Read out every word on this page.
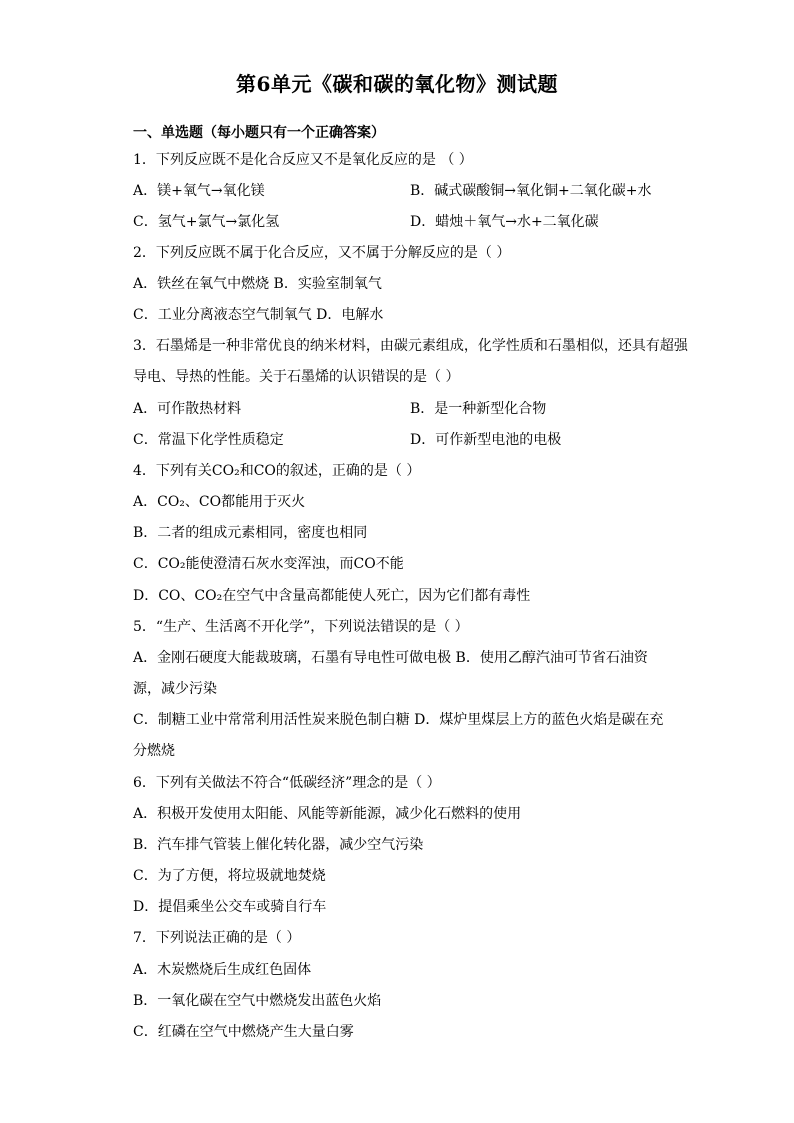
第6单元《碳和碳的氧化物》测试题
一、单选题（每小题只有一个正确答案）
1．下列反应既不是化合反应又不是氧化反应的是 （ ）
A．镁+氧气→氧化镁	B．碱式碳酸铜→氧化铜+二氧化碳+水
C．氢气+氯气→氯化氢	D．蜡烛＋氧气→水+二氧化碳
2．下列反应既不属于化合反应，又不属于分解反应的是（ ）
A．铁丝在氧气中燃烧 B．实验室制氧气
C．工业分离液态空气制氧气 D．电解水
3．石墨烯是一种非常优良的纳米材料，由碳元素组成，化学性质和石墨相似，还具有超强
导电、导热的性能。关于石墨烯的认识错误的是（ ）
A．可作散热材料	B．是一种新型化合物
C．常温下化学性质稳定	D．可作新型电池的电极
4．下列有关CO₂和CO的叙述，正确的是（ ）
A．CO₂、CO都能用于灭火
B．二者的组成元素相同，密度也相同
C．CO₂能使澄清石灰水变浑浊，而CO不能
D．CO、CO₂在空气中含量高都能使人死亡，因为它们都有毒性
5．“生产、生活离不开化学”，下列说法错误的是（ ）
A．金刚石硬度大能裁玻璃，石墨有导电性可做电极 B．使用乙醇汽油可节省石油资
源，减少污染
C．制糖工业中常常利用活性炭来脱色制白糖 D．煤炉里煤层上方的蓝色火焰是碳在充
分燃烧
6．下列有关做法不符合“低碳经济”理念的是（ ）
A．积极开发使用太阳能、风能等新能源，减少化石燃料的使用
B．汽车排气管装上催化转化器，减少空气污染
C．为了方便，将垃圾就地焚烧
D．提倡乘坐公交车或骑自行车
7．下列说法正确的是（ ）
A．木炭燃烧后生成红色固体
B．一氧化碳在空气中燃烧发出蓝色火焰
C．红磷在空气中燃烧产生大量白雾
